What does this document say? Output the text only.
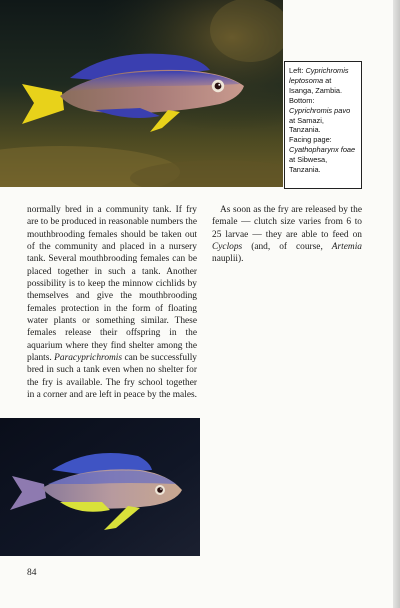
Left: Cyprichromis leptosoma at Isanga, Zambia.

Bottom: Cyprichromis pavo at Samazi, Tanzania.

Facing page: Cyathopharynx foae at Sibwesa, Tanzania.

normally bred in a community tank. If fry are to be produced in reasonable numbers the mouthbrooding females should be taken out of the community and placed in a nursery tank. Several mouthbrooding females can be placed together in such a tank. Another possibility is to keep the minnow cichlids by themselves and give the mouthbrooding females protection in the form of floating water plants or something similar. These females release their offspring in the aquarium where they find shelter among the plants. Paracyprichromis can be successfully bred in such a tank even when no shelter for the fry is available. The fry school together in a corner and are left in peace by the males.

As soon as the fry are released by the female — clutch size varies from 6 to 25 larvae — they are able to feed on Cyclops (and, of course, Artemia nauplii).

84
